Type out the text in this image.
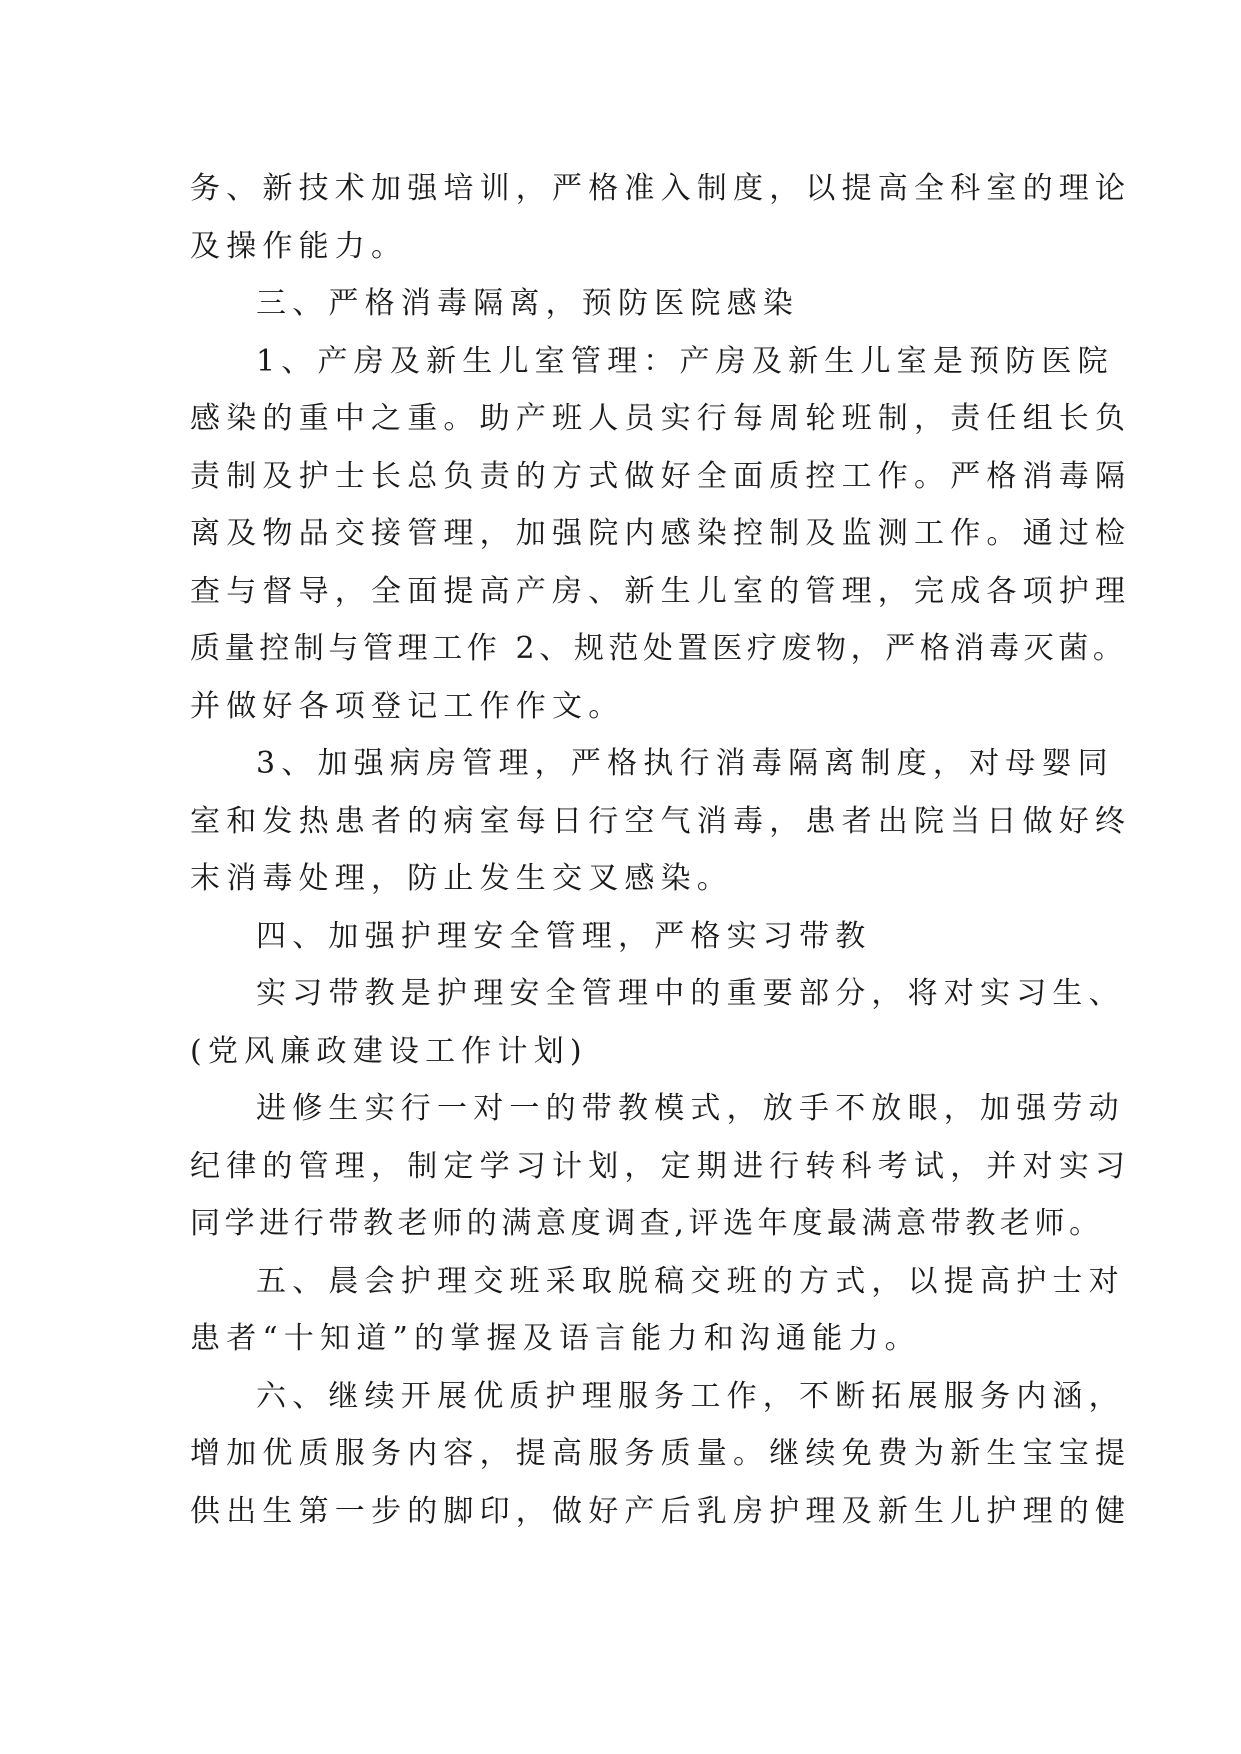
务、新技术加强培训，严格准入制度，以提高全科室的理论
及操作能力。
三、严格消毒隔离，预防医院感染
1、产房及新生儿室管理：产房及新生儿室是预防医院
感染的重中之重。助产班人员实行每周轮班制，责任组长负
责制及护士长总负责的方式做好全面质控工作。严格消毒隔
离及物品交接管理，加强院内感染控制及监测工作。通过检
查与督导，全面提高产房、新生儿室的管理，完成各项护理
质量控制与管理工作 2、规范处置医疗废物，严格消毒灭菌。
并做好各项登记工作作文。
3、加强病房管理，严格执行消毒隔离制度，对母婴同
室和发热患者的病室每日行空气消毒，患者出院当日做好终
末消毒处理，防止发生交叉感染。
四、加强护理安全管理，严格实习带教
实习带教是护理安全管理中的重要部分，将对实习生、
(党风廉政建设工作计划)
进修生实行一对一的带教模式，放手不放眼，加强劳动
纪律的管理，制定学习计划，定期进行转科考试，并对实习
同学进行带教老师的满意度调查,评选年度最满意带教老师。
五、晨会护理交班采取脱稿交班的方式，以提高护士对
患者“十知道”的掌握及语言能力和沟通能力。
六、继续开展优质护理服务工作，不断拓展服务内涵，
增加优质服务内容，提高服务质量。继续免费为新生宝宝提
供出生第一步的脚印，做好产后乳房护理及新生儿护理的健
